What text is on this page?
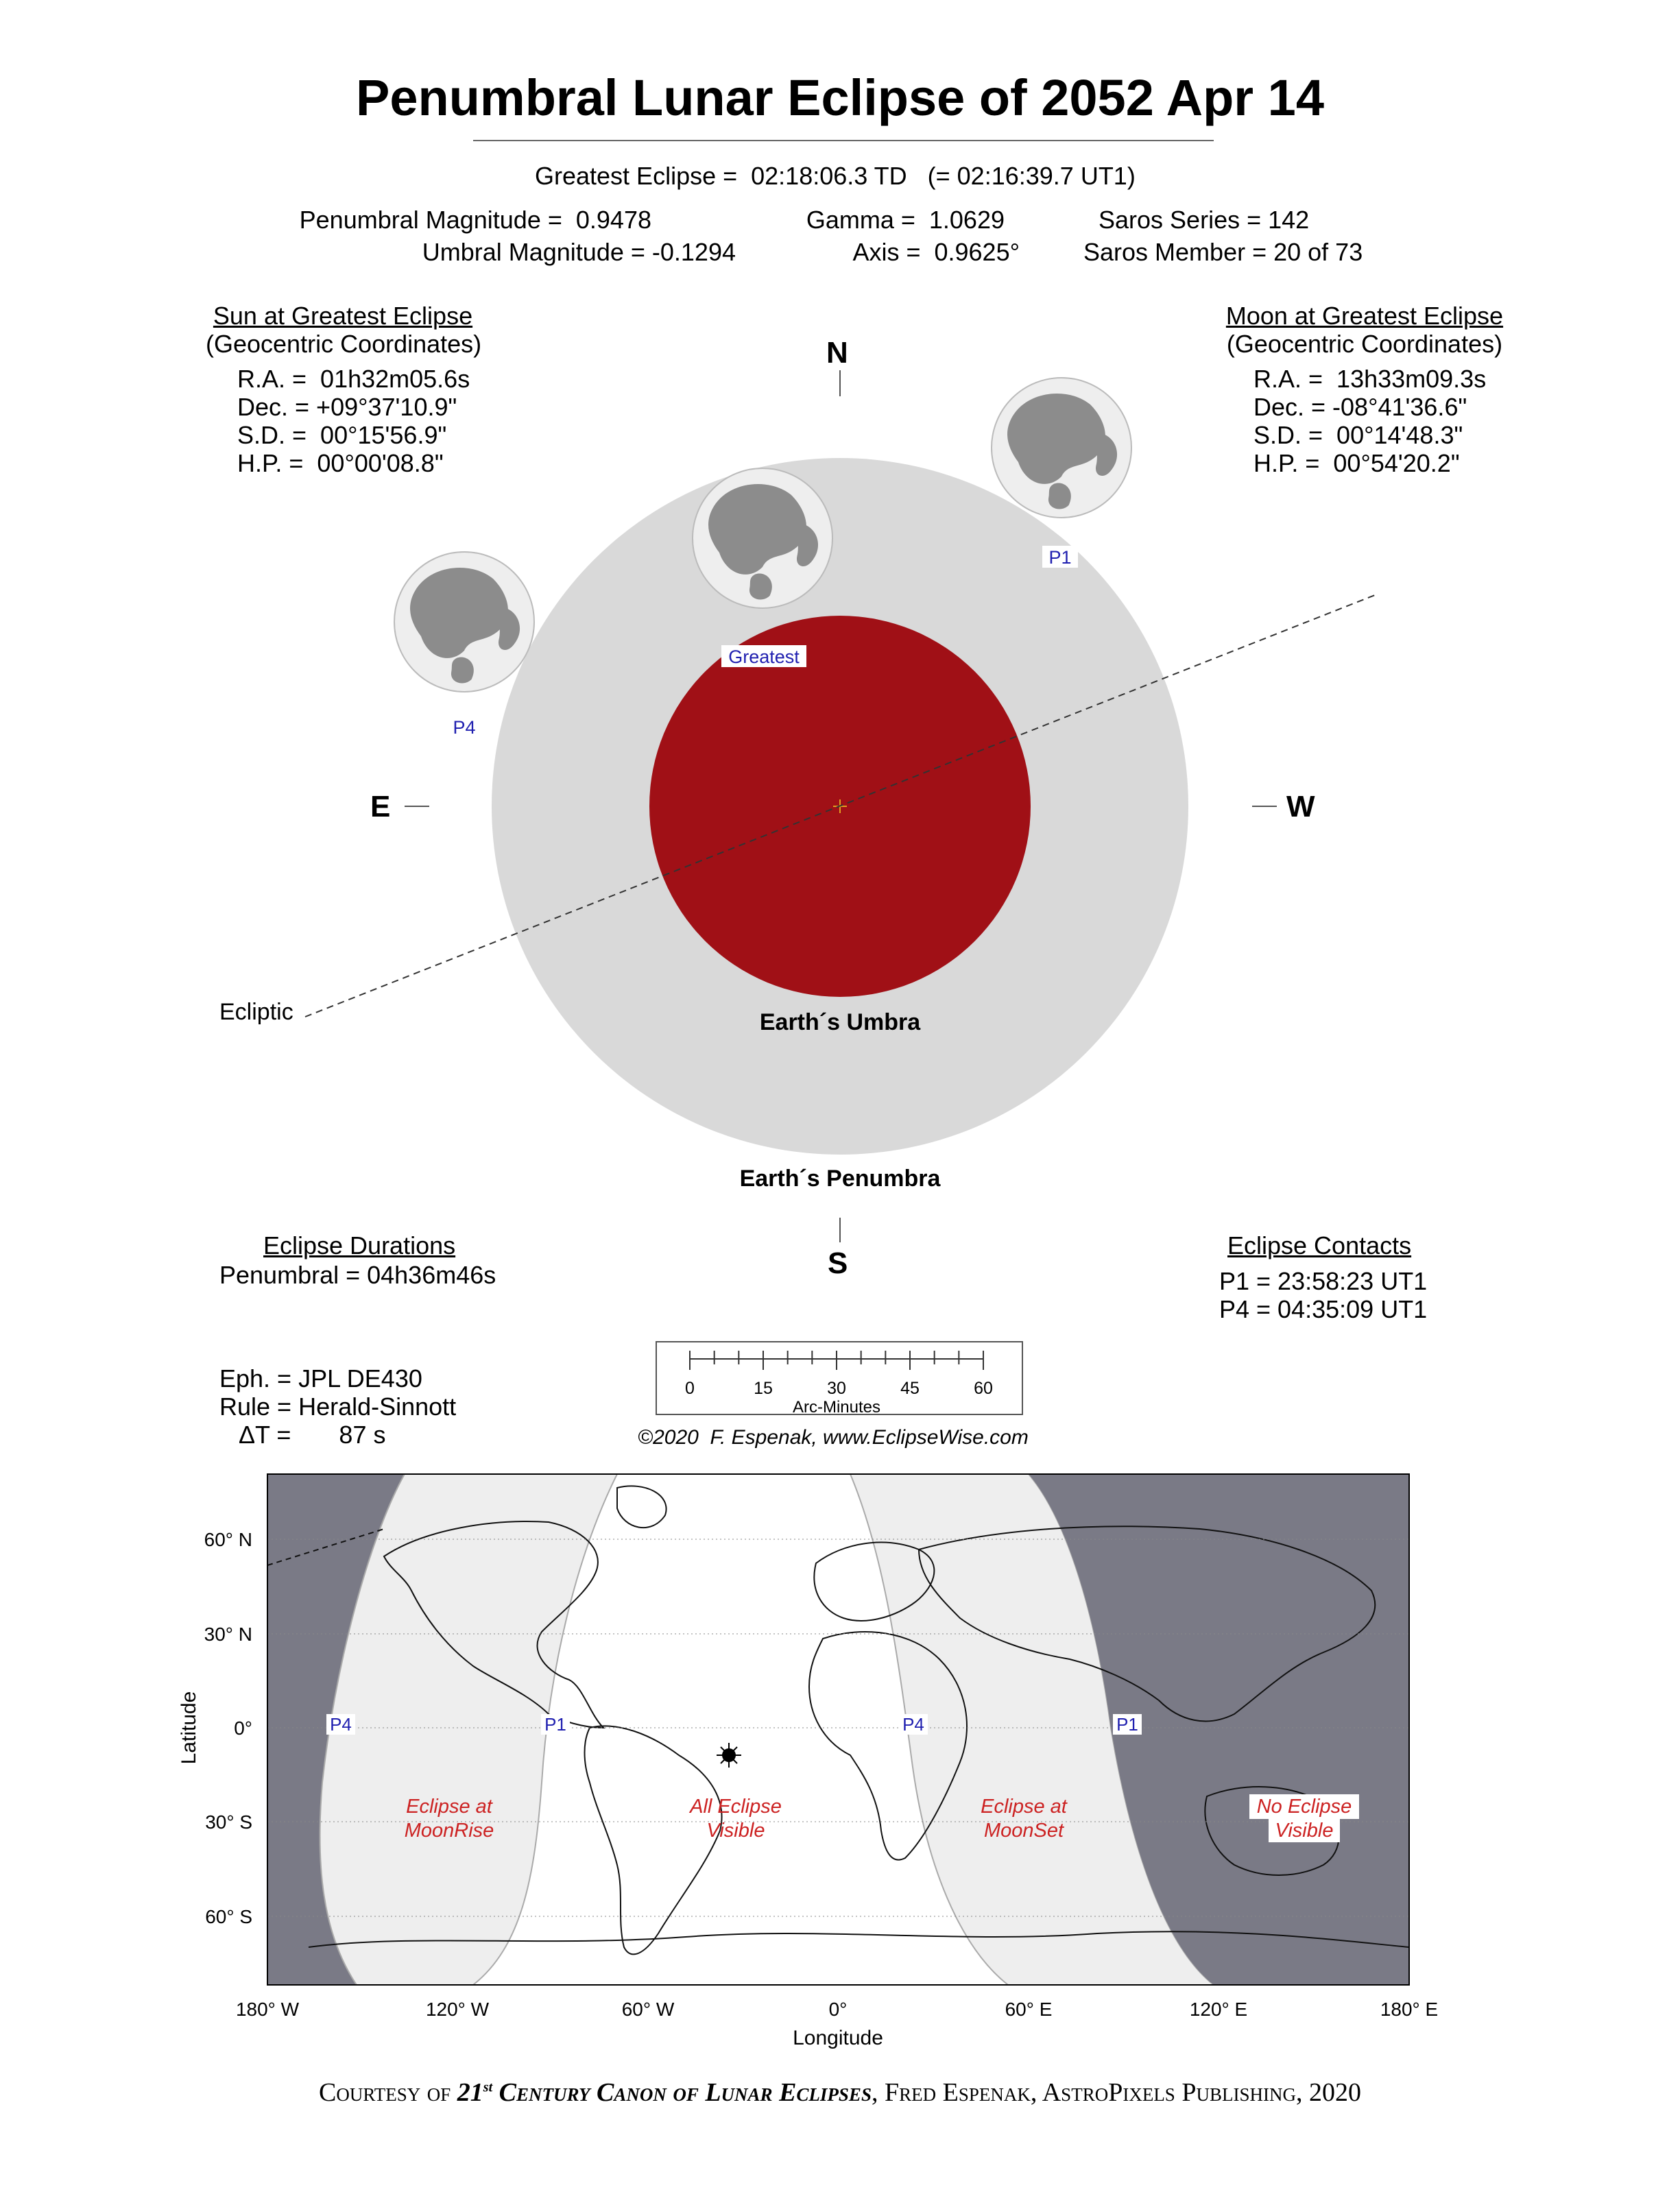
Penumbral Lunar Eclipse of 2052 Apr 14
Greatest Eclipse =  02:18:06.3 TD   (= 02:16:39.7 UT1)
Penumbral Magnitude =  0.9478
Umbral Magnitude = -0.1294
Gamma =  1.0629
Axis =  0.9625°
Saros Series = 142
Saros Member = 20 of 73
Sun at Greatest Eclipse
(Geocentric Coordinates)
R.A. =  01h32m05.6s
Dec. = +09°37'10.9"
S.D. =  00°15'56.9"
H.P. =  00°00'08.8"
Moon at Greatest Eclipse
(Geocentric Coordinates)
R.A. =  13h33m09.3s
Dec. = -08°41'36.6"
S.D. =  00°14'48.3"
H.P. =  00°54'20.2"
Greatest
P1
P4
Ecliptic	Earth´s Umbra
Earth´s Penumbra
N
S
E	W
Eclipse Durations
Penumbral = 04h36m46s
Eclipse Contacts
P1 = 23:58:23 UT1
P4 = 04:35:09 UT1
Eph. = JPL DE430
Rule = Herald-Sinnott
ΔT =       87 s
0	15	30	45	60
Arc-Minutes
©2020  F. Espenak, www.EclipseWise.com
P4	P1	P4	P1
Eclipse at
MoonRise
All Eclipse
Visible
Eclipse at
MoonSet
No Eclipse
Visible
60° N
30° N
0°
30° S
60° S
180° W	120° W	60° W	0°	60° E	120° E	180° E
Longitude
Latitude
Courtesy of 21st Century Canon of Lunar Eclipses, Fred Espenak, AstroPixels Publishing, 2020
